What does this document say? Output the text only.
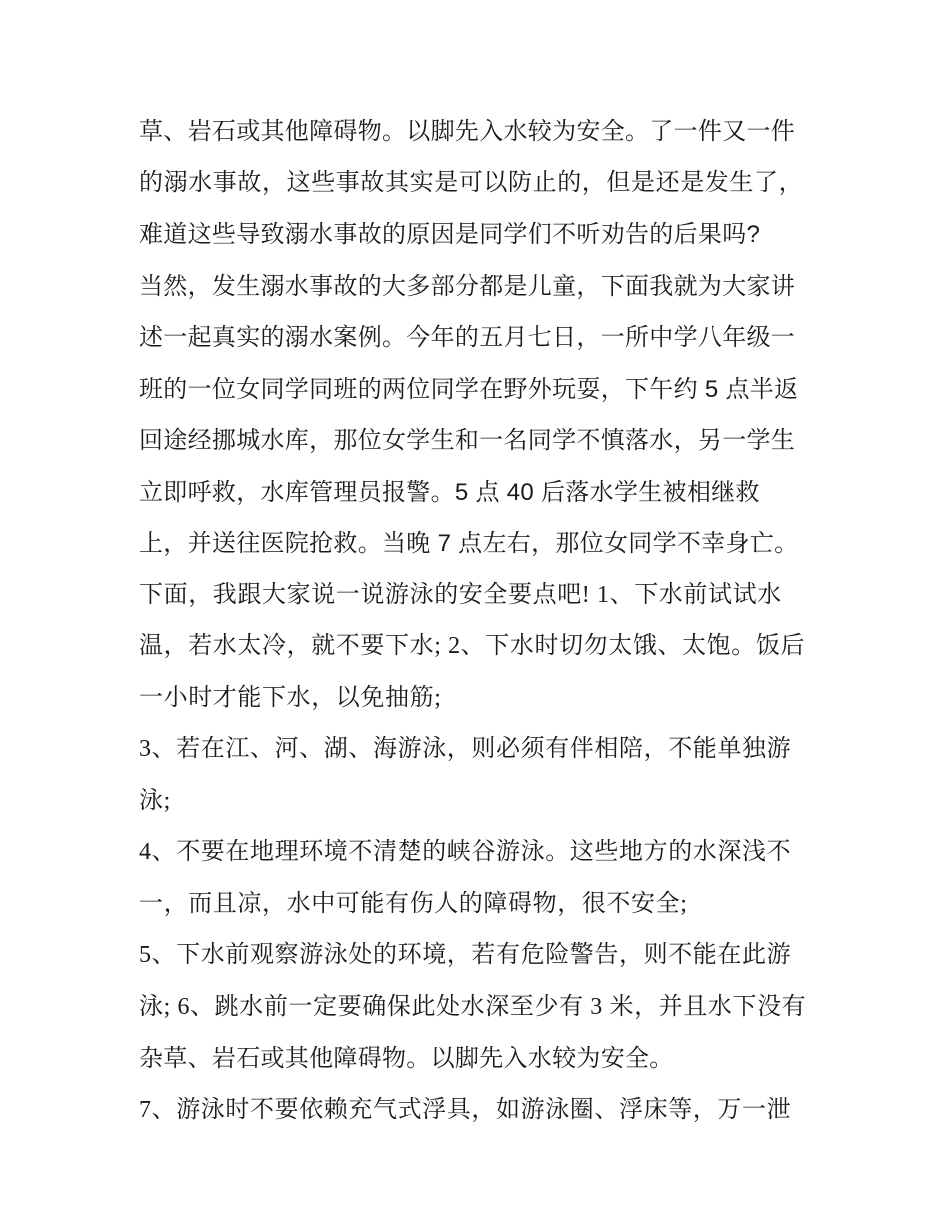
草、岩石或其他障碍物。以脚先入水较为安全。了一件又一件
的溺水事故，这些事故其实是可以防止的，但是还是发生了，
难道这些导致溺水事故的原因是同学们不听劝告的后果吗?
当然，发生溺水事故的大多部分都是儿童，下面我就为大家讲
述一起真实的溺水案例。今年的五月七日，一所中学八年级一
班的一位女同学同班的两位同学在野外玩耍，下午约 5 点半返
回途经挪城水库，那位女学生和一名同学不慎落水，另一学生
立即呼救，水库管理员报警。5 点 40 后落水学生被相继救
上，并送往医院抢救。当晚 7 点左右，那位女同学不幸身亡。
下面，我跟大家说一说游泳的安全要点吧! 1、下水前试试水
温，若水太冷，就不要下水; 2、下水时切勿太饿、太饱。饭后
一小时才能下水，以免抽筋;
3、若在江、河、湖、海游泳，则必须有伴相陪，不能单独游
泳;
4、不要在地理环境不清楚的峡谷游泳。这些地方的水深浅不
一，而且凉，水中可能有伤人的障碍物，很不安全;
5、下水前观察游泳处的环境，若有危险警告，则不能在此游
泳; 6、跳水前一定要确保此处水深至少有 3 米，并且水下没有
杂草、岩石或其他障碍物。以脚先入水较为安全。
7、游泳时不要依赖充气式浮具，如游泳圈、浮床等，万一泄
